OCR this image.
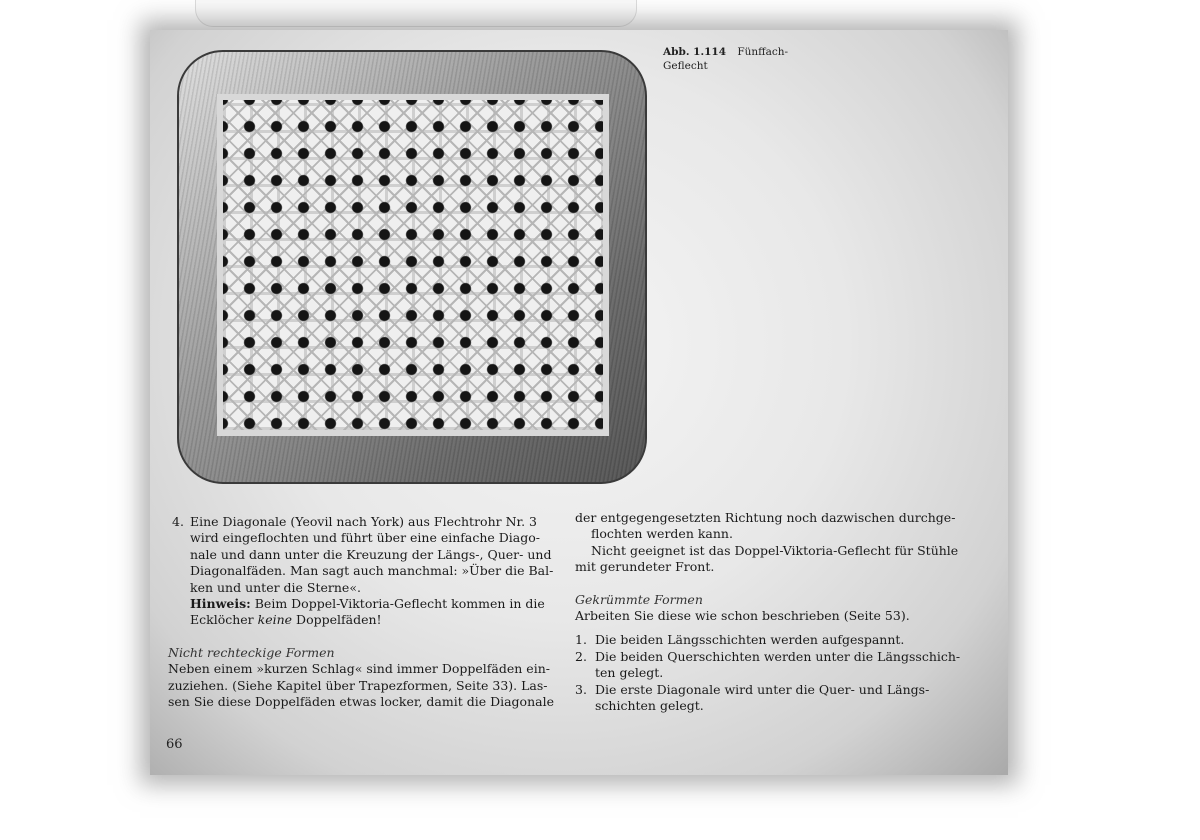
Abb. 1.114 Fünffach-
Geflecht
4. Eine Diagonale (Yeovil nach York) aus Flechtrohr Nr. 3
wird eingeflochten und führt über eine einfache Diago-
nale und dann unter die Kreuzung der Längs-, Quer- und
Diagonalfäden. Man sagt auch manchmal: »Über die Bal-
ken und unter die Sterne«.
Hinweis: Beim Doppel-Viktoria-Geflecht kommen in die
Ecklöcher keine Doppelfäden!
Nicht rechteckige Formen
Neben einem »kurzen Schlag« sind immer Doppelfäden ein-
zuziehen. (Siehe Kapitel über Trapezformen, Seite 33). Las-
sen Sie diese Doppelfäden etwas locker, damit die Diagonale
der entgegengesetzten Richtung noch dazwischen durchge-
flochten werden kann.
Nicht geeignet ist das Doppel-Viktoria-Geflecht für Stühle
mit gerundeter Front.
Gekrümmte Formen
Arbeiten Sie diese wie schon beschrieben (Seite 53).
1. Die beiden Längsschichten werden aufgespannt.
2. Die beiden Querschichten werden unter die Längsschich-
ten gelegt.
3. Die erste Diagonale wird unter die Quer- und Längs-
schichten gelegt.
66
